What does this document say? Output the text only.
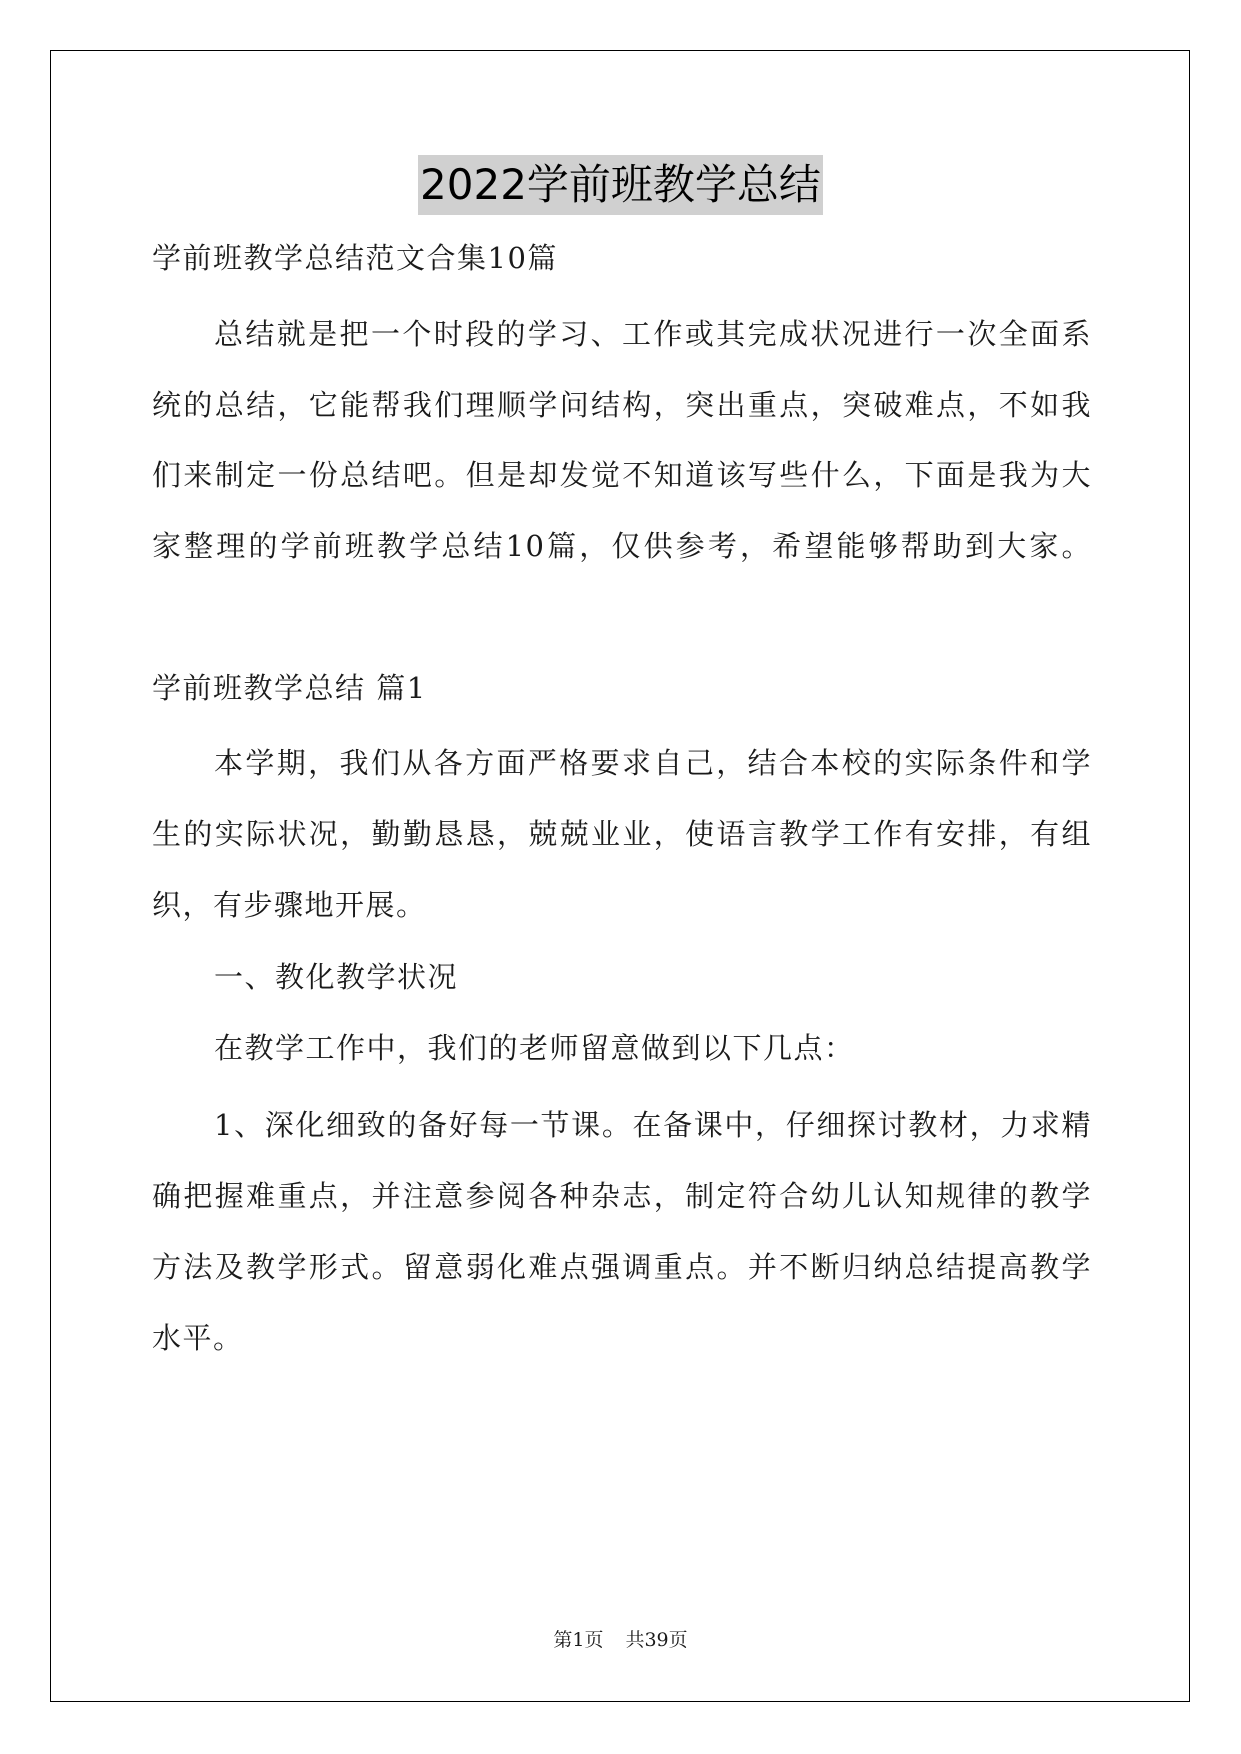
2022学前班教学总结
学前班教学总结范文合集10篇
总结就是把一个时段的学习、工作或其完成状况进行一次全面系
统的总结，它能帮我们理顺学问结构，突出重点，突破难点，不如我
们来制定一份总结吧。但是却发觉不知道该写些什么，下面是我为大
家整理的学前班教学总结10篇，仅供参考，希望能够帮助到大家。
学前班教学总结 篇1
本学期，我们从各方面严格要求自己，结合本校的实际条件和学
生的实际状况，勤勤恳恳，兢兢业业，使语言教学工作有安排，有组
织，有步骤地开展。
一、教化教学状况
在教学工作中，我们的老师留意做到以下几点：
1、深化细致的备好每一节课。在备课中，仔细探讨教材，力求精
确把握难重点，并注意参阅各种杂志，制定符合幼儿认知规律的教学
方法及教学形式。留意弱化难点强调重点。并不断归纳总结提高教学
水平。
第1页 共39页
